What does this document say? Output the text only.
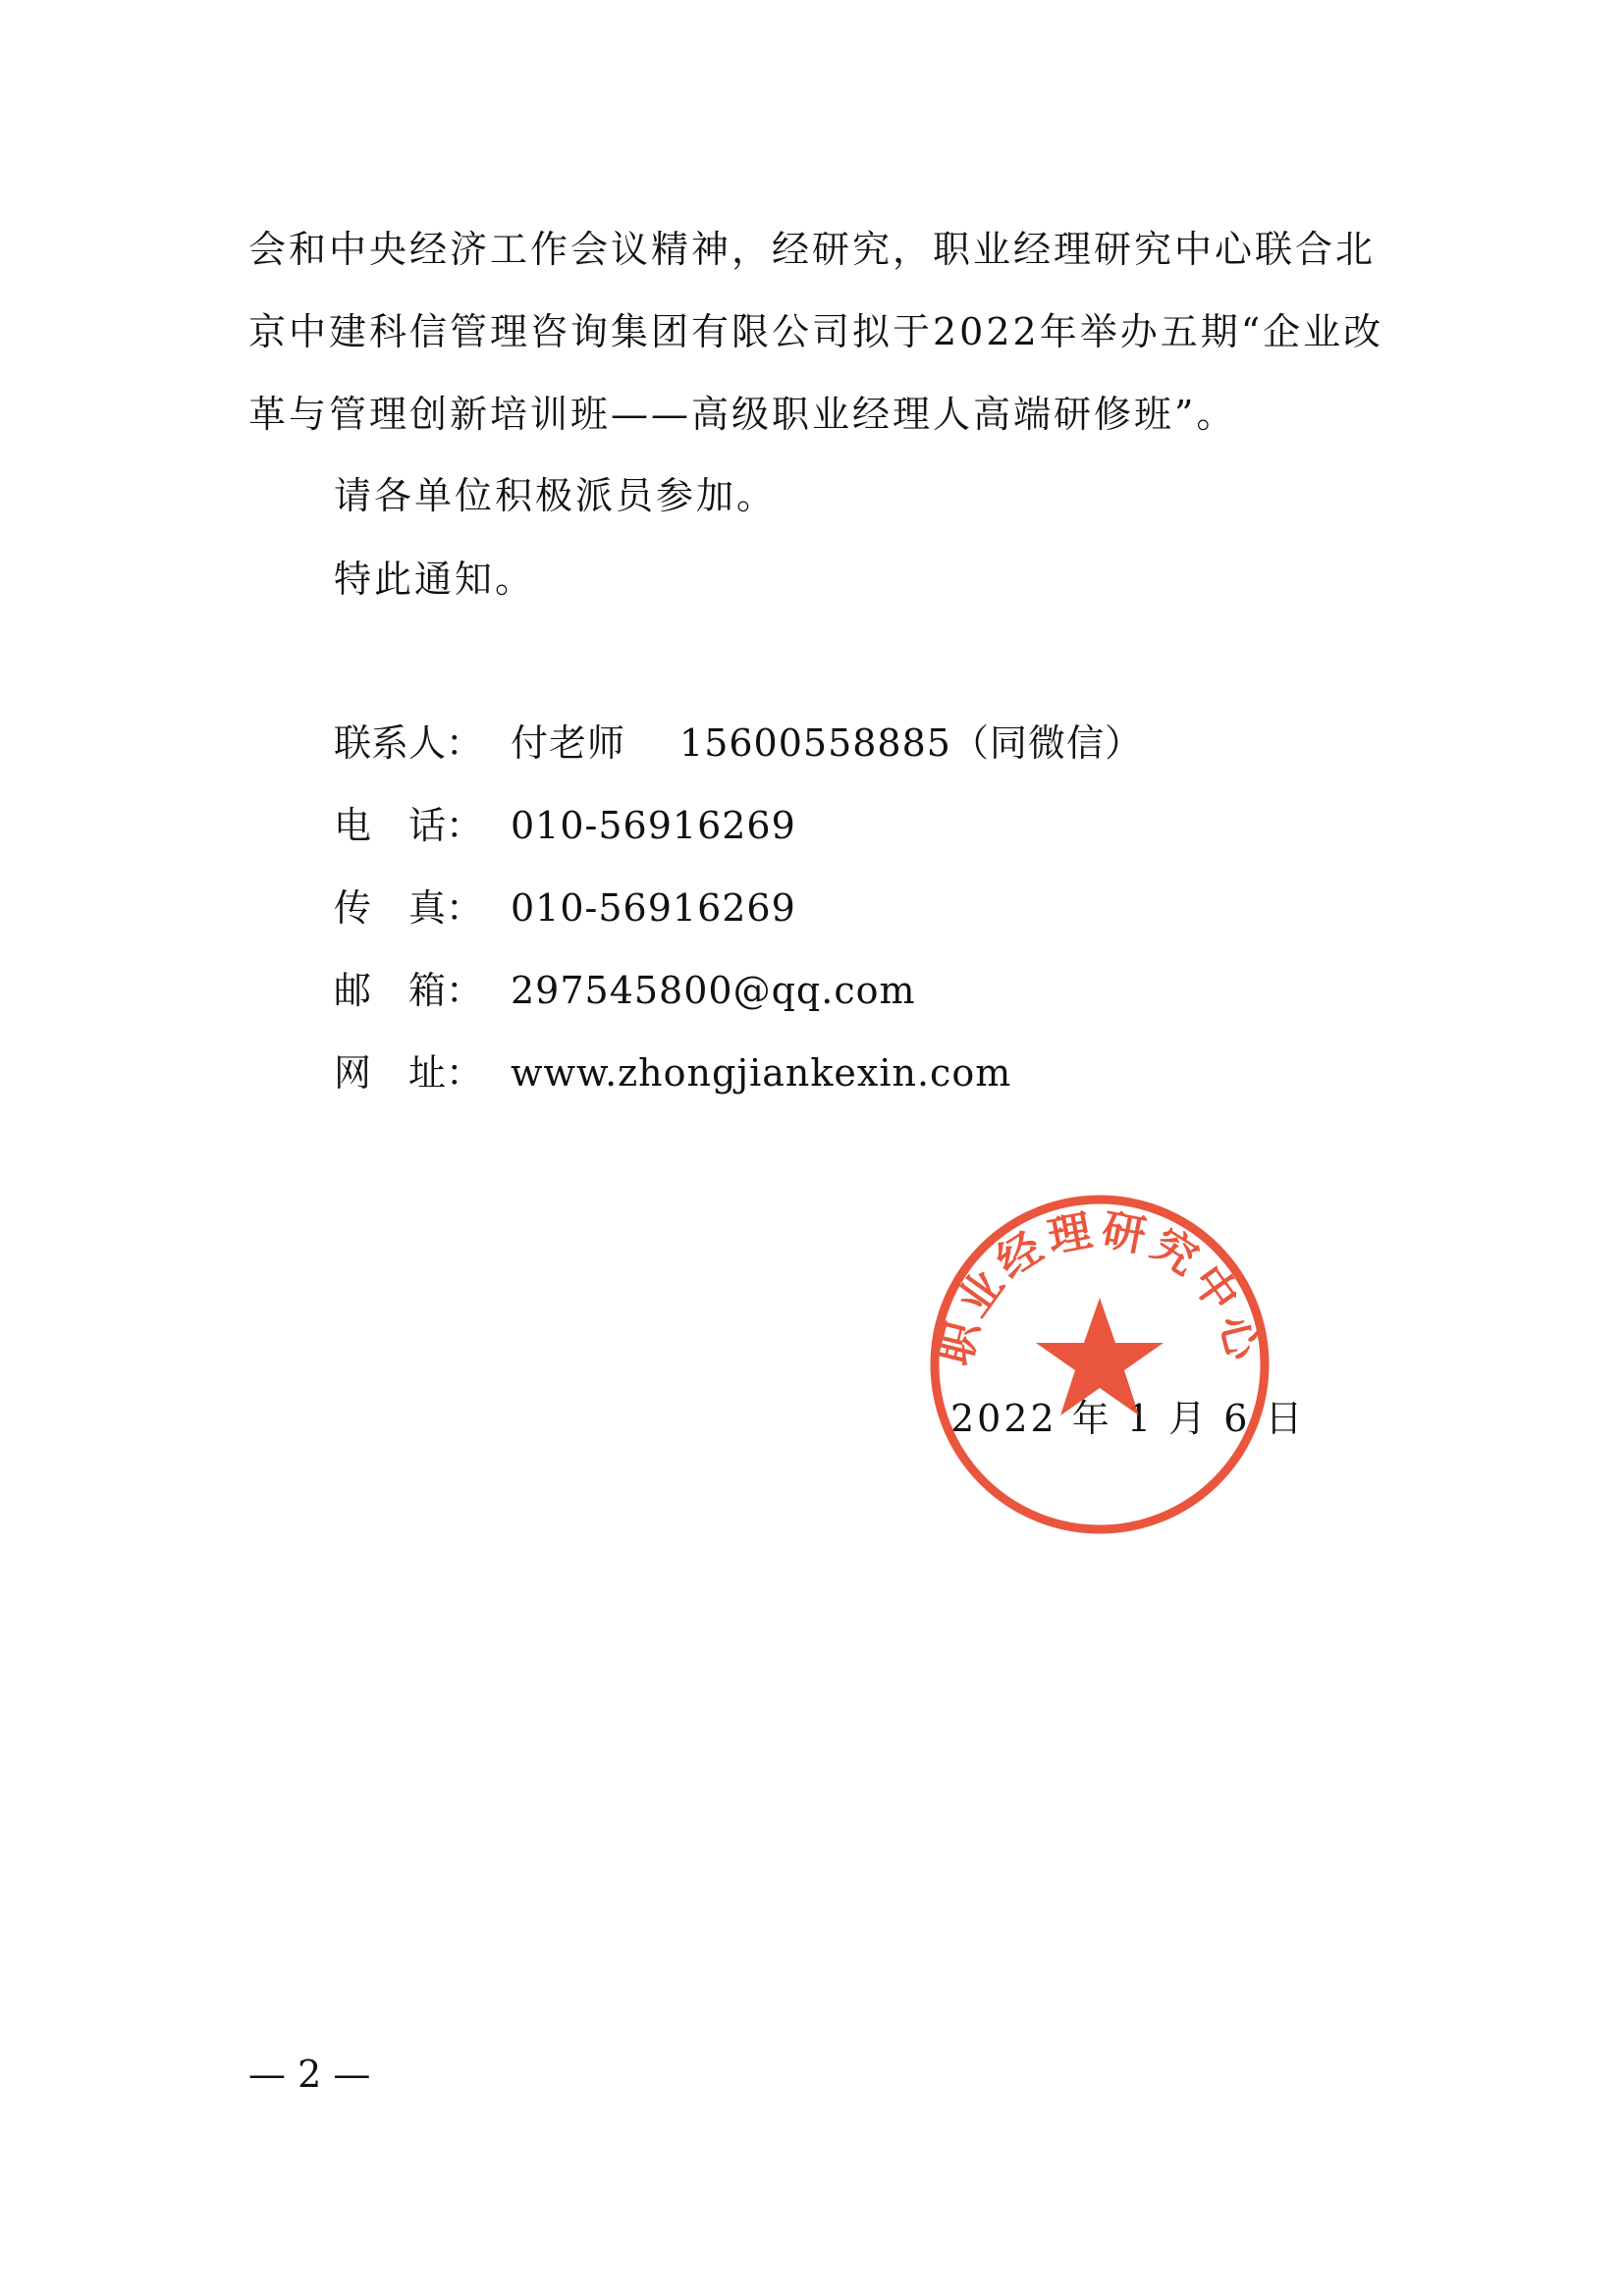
会和中央经济工作会议精神，经研究，职业经理研究中心联合北京中建科信管理咨询集团有限公司拟于2022年举办五期“企业改革与管理创新培训班——高级职业经理人高端研修班”。

请各单位积极派员参加。
特此通知。
联系人： 付老师 15600558885（同微信）
电　话： 010-56916269
传　真： 010-56916269
邮　箱： 297545800@qq.com
网　址： www.zhongjiankexin.com
2022 年 1 月 6 日
职业经理研究中心
— 2 —
